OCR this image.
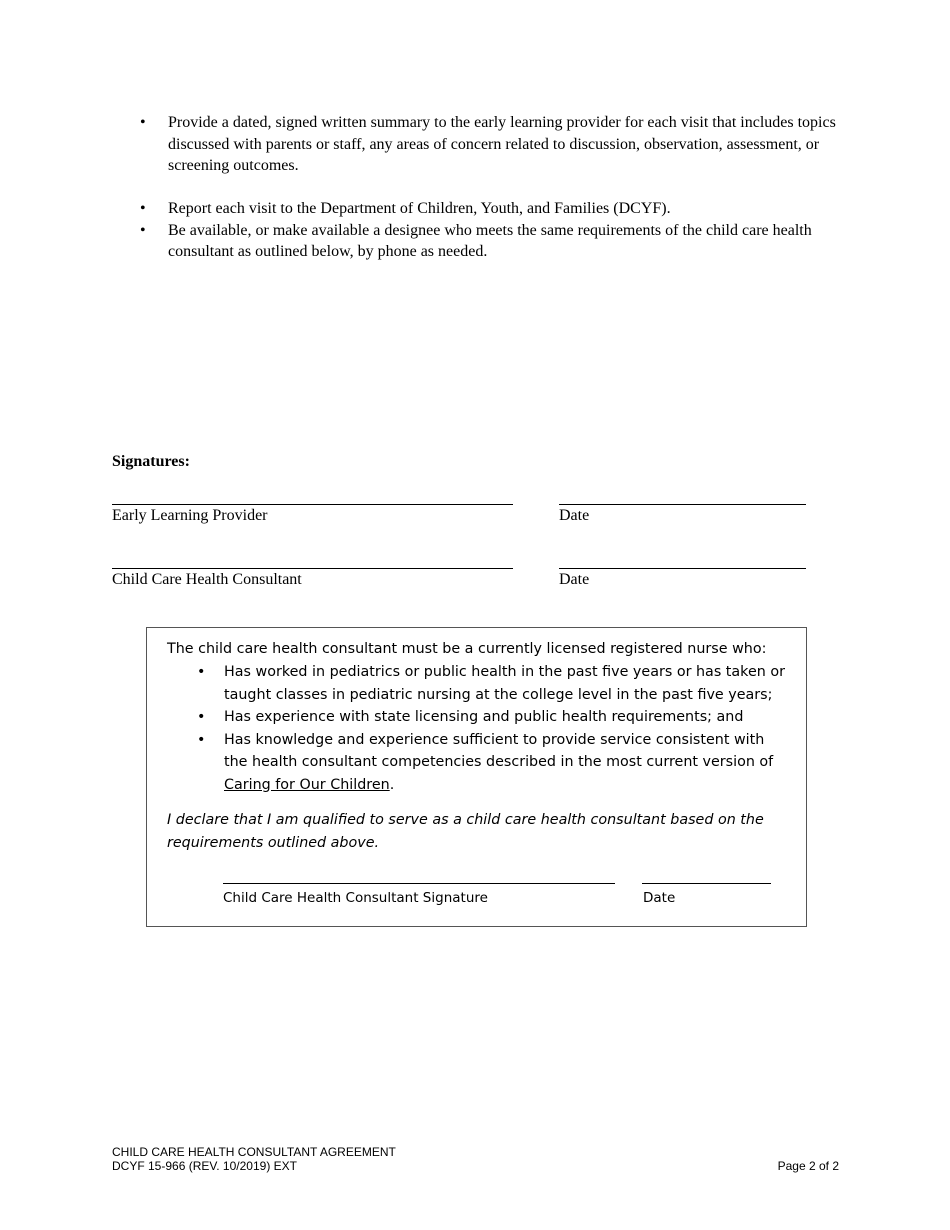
• Provide a dated, signed written summary to the early learning provider for each visit that includes topics discussed with parents or staff, any areas of concern related to discussion, observation, assessment, or screening outcomes.
• Report each visit to the Department of Children, Youth, and Families (DCYF).
• Be available, or make available a designee who meets the same requirements of the child care health consultant as outlined below, by phone as needed.
Signatures:
Early Learning Provider	Date
Child Care Health Consultant	Date
The child care health consultant must be a currently licensed registered nurse who:
• Has worked in pediatrics or public health in the past five years or has taken or taught classes in pediatric nursing at the college level in the past five years;
• Has experience with state licensing and public health requirements; and
• Has knowledge and experience sufficient to provide service consistent with the health consultant competencies described in the most current version of Caring for Our Children.
I declare that I am qualified to serve as a child care health consultant based on the requirements outlined above.
Child Care Health Consultant Signature	Date
CHILD CARE HEALTH CONSULTANT AGREEMENT
DCYF 15-966 (REV. 10/2019) EXT	Page 2 of 2
